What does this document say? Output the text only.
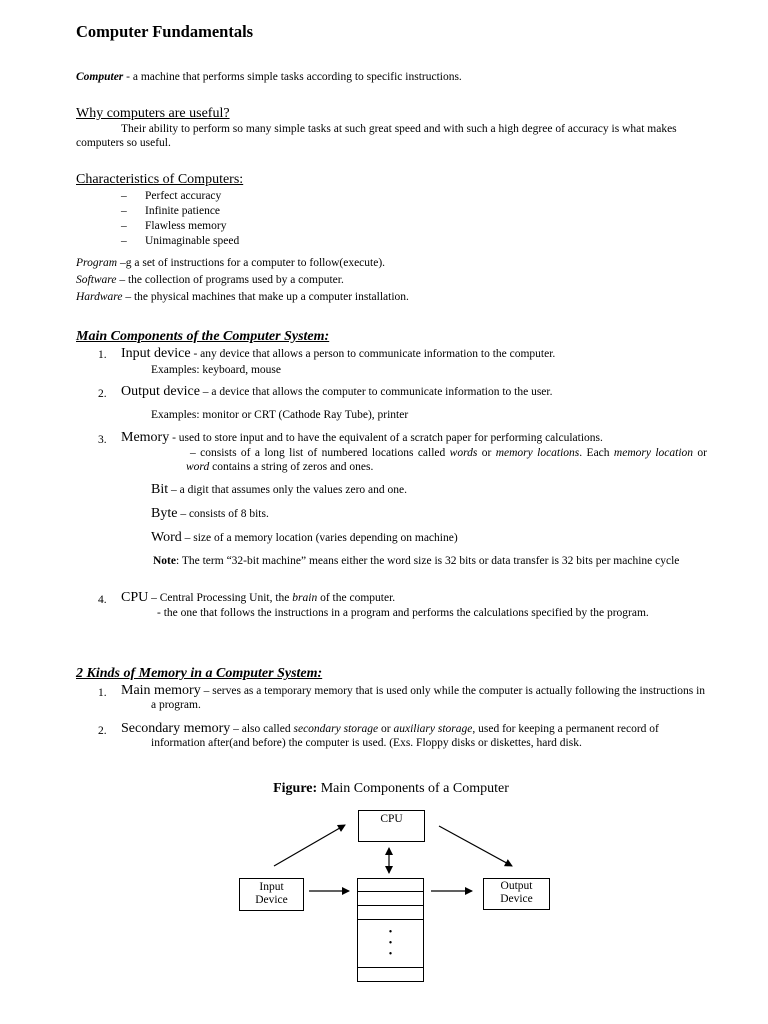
Computer Fundamentals
Computer - a machine that performs simple tasks according to specific instructions.
Why computers are useful?
Their ability to perform so many simple tasks at such great speed and with such a high degree of accuracy is what makes computers so useful.
Characteristics of Computers:
– Perfect accuracy
– Infinite patience
– Flawless memory
– Unimaginable speed
Program –g a set of instructions for a computer to follow(execute).
Software – the collection of programs used by a computer.
Hardware – the physical machines that make up a computer installation.
Main Components of the Computer System:
1. Input device - any device that allows a person to communicate information to the computer.
Examples: keyboard, mouse
2. Output device – a device that allows the computer to communicate information to the user.
Examples: monitor or CRT (Cathode Ray Tube), printer
3. Memory - used to store input and to have the equivalent of a scratch paper for performing calculations.
– consists of a long list of numbered locations called words or memory locations. Each memory location or word contains a string of zeros and ones.
Bit – a digit that assumes only the values zero and one.
Byte – consists of 8 bits.
Word – size of a memory location (varies depending on machine)
Note: The term “32-bit machine” means either the word size is 32 bits or data transfer is 32 bits per machine cycle
4. CPU – Central Processing Unit, the brain of the computer.
- the one that follows the instructions in a program and performs the calculations specified by the program.
2 Kinds of Memory in a Computer System:
1. Main memory – serves as a temporary memory that is used only while the computer is actually following the instructions in a program.
2. Secondary memory – also called secondary storage or auxiliary storage, used for keeping a permanent record of information after(and before) the computer is used. (Exs. Floppy disks or diskettes, hard disk.
Figure: Main Components of a Computer
CPU
Input
Device
Output
Device
•
•
•
